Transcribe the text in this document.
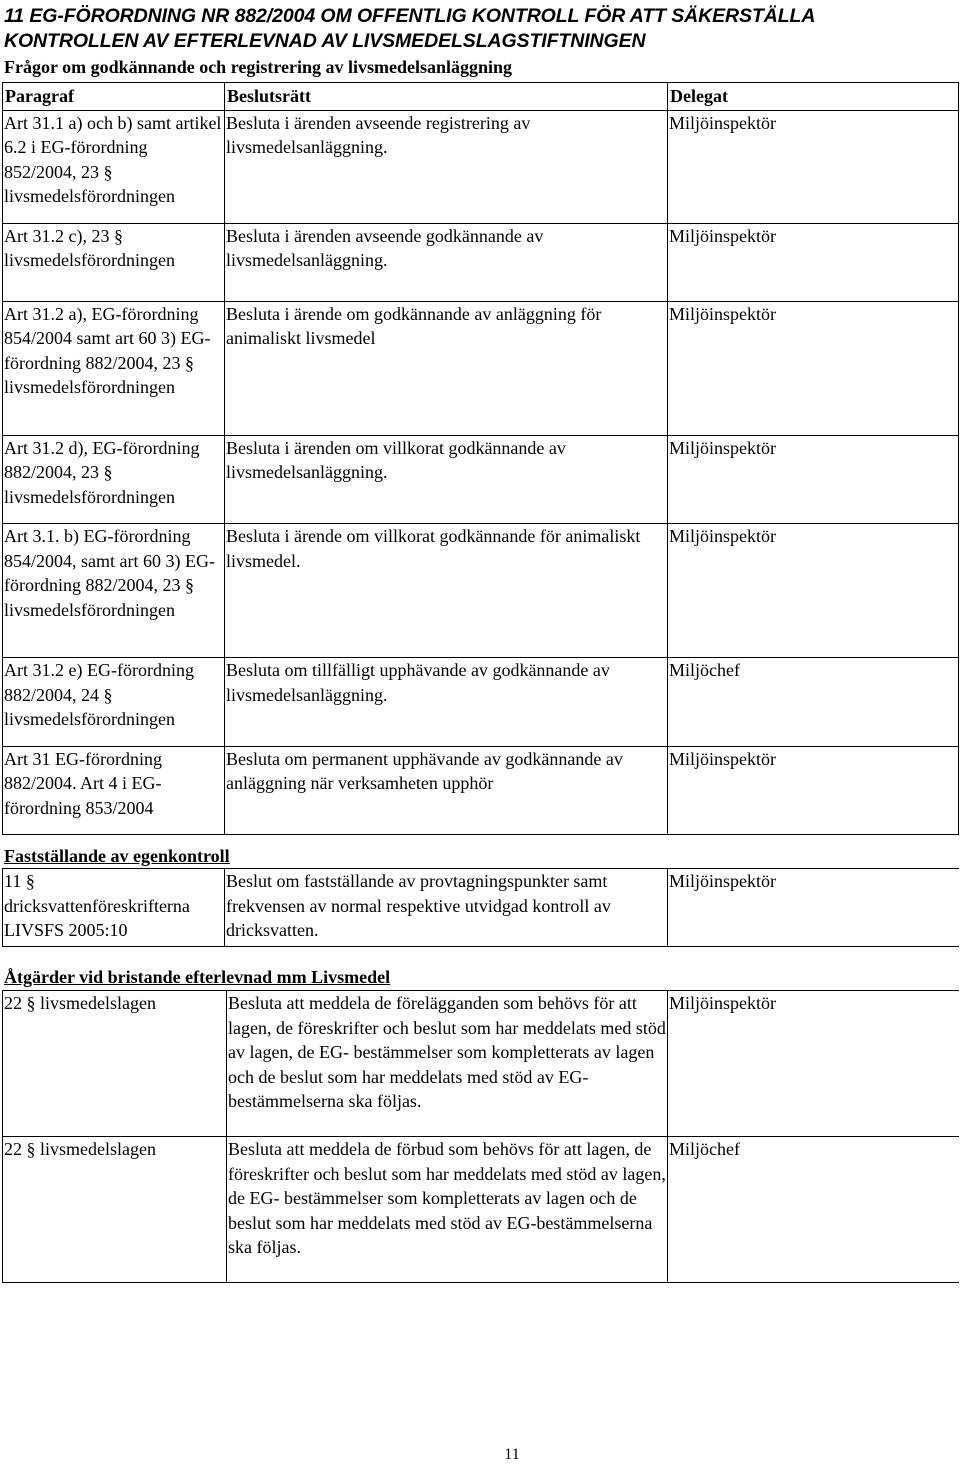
11 EG-FÖRORDNING NR 882/2004 OM OFFENTLIG KONTROLL FÖR ATT SÄKERSTÄLLA KONTROLLEN AV EFTERLEVNAD AV LIVSMEDELSLAGSTIFTNINGEN
Frågor om godkännande och registrering av livsmedelsanläggning
Paragraf	Beslutsrätt	Delegat
Art 31.1 a) och b) samt artikel 6.2 i EG-förordning 852/2004, 23 § livsmedelsförordningen	Besluta i ärenden avseende registrering av livsmedelsanläggning.	Miljöinspektör
Art 31.2 c), 23 § livsmedelsförordningen	Besluta i ärenden avseende godkännande av livsmedelsanläggning.	Miljöinspektör
Art 31.2 a), EG-förordning 854/2004 samt art 60 3) EG-förordning 882/2004, 23 § livsmedelsförordningen	Besluta i ärende om godkännande av anläggning för animaliskt livsmedel	Miljöinspektör
Art 31.2 d), EG-förordning 882/2004, 23 § livsmedelsförordningen	Besluta i ärenden om villkorat godkännande av livsmedelsanläggning.	Miljöinspektör
Art 3.1. b) EG-förordning 854/2004, samt art 60 3) EG-förordning 882/2004, 23 § livsmedelsförordningen	Besluta i ärende om villkorat godkännande för animaliskt livsmedel.	Miljöinspektör
Art 31.2 e) EG-förordning 882/2004, 24 § livsmedelsförordningen	Besluta om tillfälligt upphävande av godkännande av livsmedelsanläggning.	Miljöchef
Art 31 EG-förordning 882/2004. Art 4 i EG-förordning 853/2004	Besluta om permanent upphävande av godkännande av anläggning när verksamheten upphör	Miljöinspektör
Fastställande av egenkontroll
11 § dricksvattenföreskrifterna LIVSFS 2005:10	Beslut om fastställande av provtagningspunkter samt frekvensen av normal respektive utvidgad kontroll av dricksvatten.	Miljöinspektör
Åtgärder vid bristande efterlevnad mm Livsmedel
22 § livsmedelslagen	Besluta att meddela de förelägganden som behövs för att lagen, de föreskrifter och beslut som har meddelats med stöd av lagen, de EG- bestämmelser som kompletterats av lagen och de beslut som har meddelats med stöd av EG-bestämmelserna ska följas.	Miljöinspektör
22 § livsmedelslagen	Besluta att meddela de förbud som behövs för att lagen, de föreskrifter och beslut som har meddelats med stöd av lagen, de EG- bestämmelser som kompletterats av lagen och de beslut som har meddelats med stöd av EG-bestämmelserna ska följas.	Miljöchef
11
